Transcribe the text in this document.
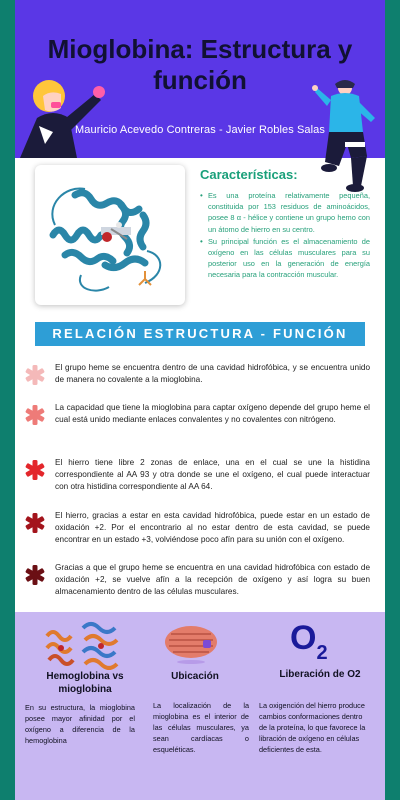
Mioglobina: Estructura y función
Mauricio Acevedo Contreras - Javier Robles Salas
Características:
• Es una proteína relativamente pequeña, constituida por 153 residuos de aminoácidos, posee 8 α - hélice y contiene un grupo hemo con un átomo de hierro en su centro.
• Su principal función es el almacenamiento de oxígeno en las células musculares para su posterior uso en la generación de energía necesaria para la contracción muscular.
RELACIÓN ESTRUCTURA - FUNCIÓN
El grupo heme se encuentra dentro de una cavidad hidrofóbica, y se encuentra unido de manera no covalente a la mioglobina.
La capacidad que tiene la mioglobina para captar oxígeno depende del grupo heme el cual está unido mediante enlaces convalentes y no covalentes con nitrógeno.
El hierro tiene libre 2 zonas de enlace, una en el cual se une la histidina correspondiente al AA 93 y otra donde se une el oxígeno, el cual puede interactuar con otra histidina correspondiente al AA 64.
El hierro, gracias a estar en esta cavidad hidrofóbica, puede estar en un estado de oxidación +2. Por el encontrario al no estar dentro de esta cavidad, se puede encontrar en un estado +3, volviéndose poco afín para su unión con el oxígeno.
Gracias a que el grupo heme se encuentra en una cavidad hidrofóbica con estado de oxidación +2, se vuelve afín a la recepción de oxígeno y así logra su buen almacenamiento dentro de las células musculares.
Hemoglobina vs mioglobina
En su estructura, la mioglobina posee mayor afinidad por el oxígeno a diferencia de la hemoglobina
Ubicación
La localización de la mioglobina es el interior de las células musculares, ya sean cardíacas o esqueléticas.
$O_2$
Liberación de O2
La oxigención del hierro produce cambios conformaciones dentro de la proteína, lo que favorece la libración de oxígeno en células deficientes de esta.
